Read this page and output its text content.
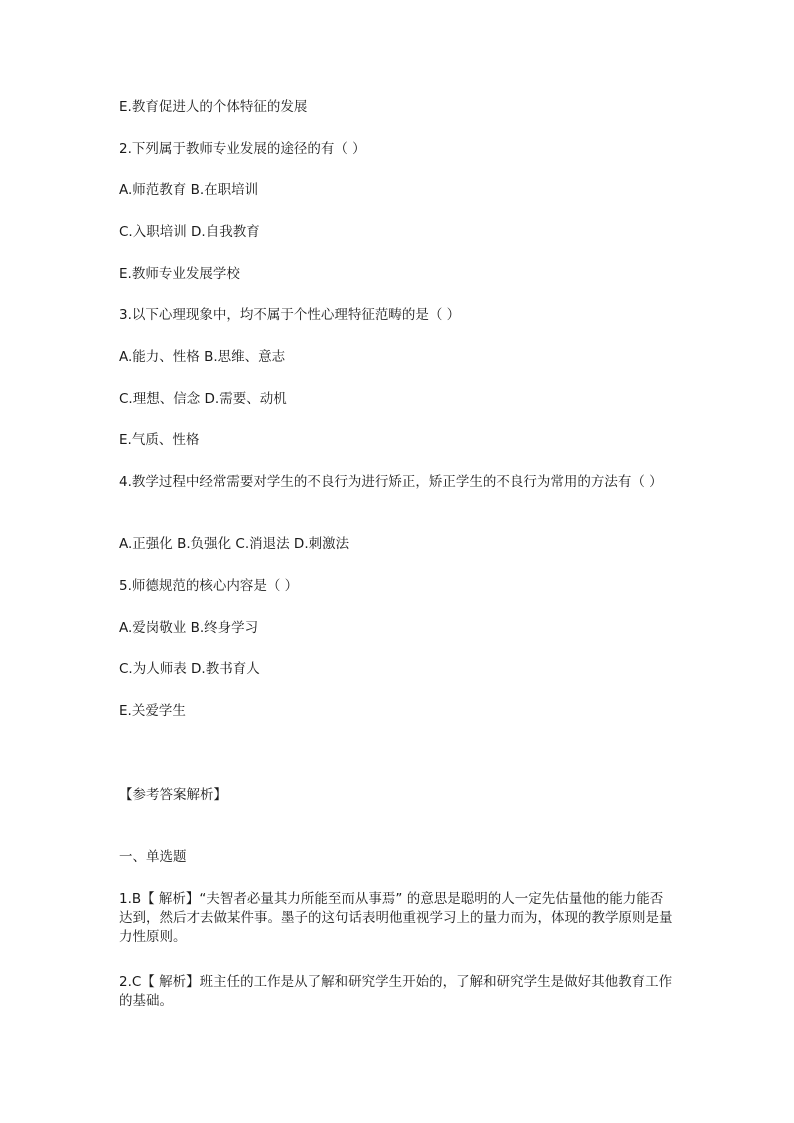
E.教育促进人的个体特征的发展
2.下列属于教师专业发展的途径的有（ ）
A.师范教育 B.在职培训
C.入职培训 D.自我教育
E.教师专业发展学校
3.以下心理现象中，均不属于个性心理特征范畴的是（ ）
A.能力、性格 B.思维、意志
C.理想、信念 D.需要、动机
E.气质、性格
4.教学过程中经常需要对学生的不良行为进行矫正，矫正学生的不良行为常用的方法有（ ）
A.正强化 B.负强化 C.消退法 D.刺激法
5.师德规范的核心内容是（ ）
A.爱岗敬业 B.终身学习
C.为人师表 D.教书育人
E.关爱学生
【参考答案解析】
一、单选题
1.B【 解析】“夫智者必量其力所能至而从事焉” 的意思是聪明的人一定先估量他的能力能否达到，然后才去做某件事。墨子的这句话表明他重视学习上的量力而为，体现的教学原则是量力性原则。
2.C【 解析】班主任的工作是从了解和研究学生开始的，了解和研究学生是做好其他教育工作的基础。
